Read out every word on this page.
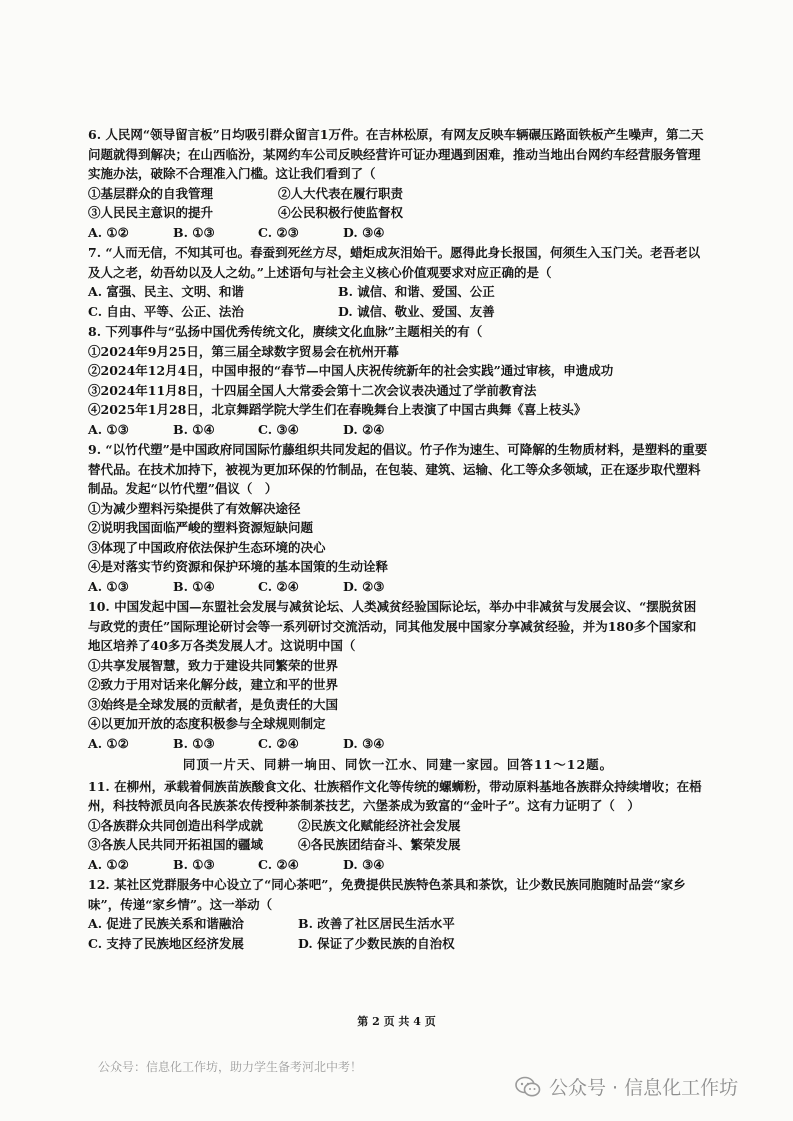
6. 人民网“领导留言板”日均吸引群众留言1万件。在吉林松原，有网友反映车辆碾压路面铁板产生噪声，第二天问题就得到解决；在山西临汾，某网约车公司反映经营许可证办理遇到困难，推动当地出台网约车经营服务管理实施办法，破除不合理准入门槛。这让我们看到了（
①基层群众的自我管理	②人大代表在履行职责
③人民民主意识的提升	④公民积极行使监督权
A. ①②	B. ①③	C. ②③	D. ③④
7. “人而无信，不知其可也。春蚕到死丝方尽，蜡炬成灰泪始干。愿得此身长报国，何须生入玉门关。老吾老以及人之老，幼吾幼以及人之幼。”上述语句与社会主义核心价值观要求对应正确的是（
A. 富强、民主、文明、和谐	B. 诚信、和谐、爱国、公正
C. 自由、平等、公正、法治	D. 诚信、敬业、爱国、友善
8. 下列事件与“弘扬中国优秀传统文化，赓续文化血脉”主题相关的有（
①2024年9月25日，第三届全球数字贸易会在杭州开幕
②2024年12月4日，中国申报的“春节—中国人庆祝传统新年的社会实践”通过审核，申遗成功
③2024年11月8日，十四届全国人大常委会第十二次会议表决通过了学前教育法
④2025年1月28日，北京舞蹈学院大学生们在春晚舞台上表演了中国古典舞《喜上枝头》
A. ①③	B. ①④	C. ③④	D. ②④
9. “以竹代塑”是中国政府同国际竹藤组织共同发起的倡议。竹子作为速生、可降解的生物质材料，是塑料的重要替代品。在技术加持下，被视为更加环保的竹制品，在包装、建筑、运输、化工等众多领域，正在逐步取代塑料制品。发起“以竹代塑”倡议（　）
①为减少塑料污染提供了有效解决途径
②说明我国面临严峻的塑料资源短缺问题
③体现了中国政府依法保护生态环境的决心
④是对落实节约资源和保护环境的基本国策的生动诠释
A. ①③	B. ①④	C. ②④	D. ②③
10. 中国发起中国—东盟社会发展与减贫论坛、人类减贫经验国际论坛，举办中非减贫与发展会议、“摆脱贫困与政党的责任”国际理论研讨会等一系列研讨交流活动，同其他发展中国家分享减贫经验，并为180多个国家和地区培养了40多万各类发展人才。这说明中国（
①共享发展智慧，致力于建设共同繁荣的世界
②致力于用对话来化解分歧，建立和平的世界
③始终是全球发展的贡献者，是负责任的大国
④以更加开放的态度积极参与全球规则制定
A. ①②	B. ①③	C. ②④	D. ③④
同顶一片天、同耕一垧田、同饮一江水、同建一家园。回答11～12题。
11. 在柳州，承载着侗族苗族酸食文化、壮族稻作文化等传统的螺蛳粉，带动原料基地各族群众持续增收；在梧州，科技特派员向各民族茶农传授种茶制茶技艺，六堡茶成为致富的“金叶子”。这有力证明了（　）
①各族群众共同创造出科学成就	②民族文化赋能经济社会发展
③各族人民共同开拓祖国的疆域	④各民族团结奋斗、繁荣发展
A. ①②	B. ①③	C. ②④	D. ③④
12. 某社区党群服务中心设立了“同心茶吧”，免费提供民族特色茶具和茶饮，让少数民族同胞随时品尝“家乡味”，传递“家乡情”。这一举动（
A. 促进了民族关系和谐融洽	B. 改善了社区居民生活水平
C. 支持了民族地区经济发展	D. 保证了少数民族的自治权
第 2 页 共 4 页
公众号：信息化工作坊，助力学生备考河北中考！
公众号 · 信息化工作坊
